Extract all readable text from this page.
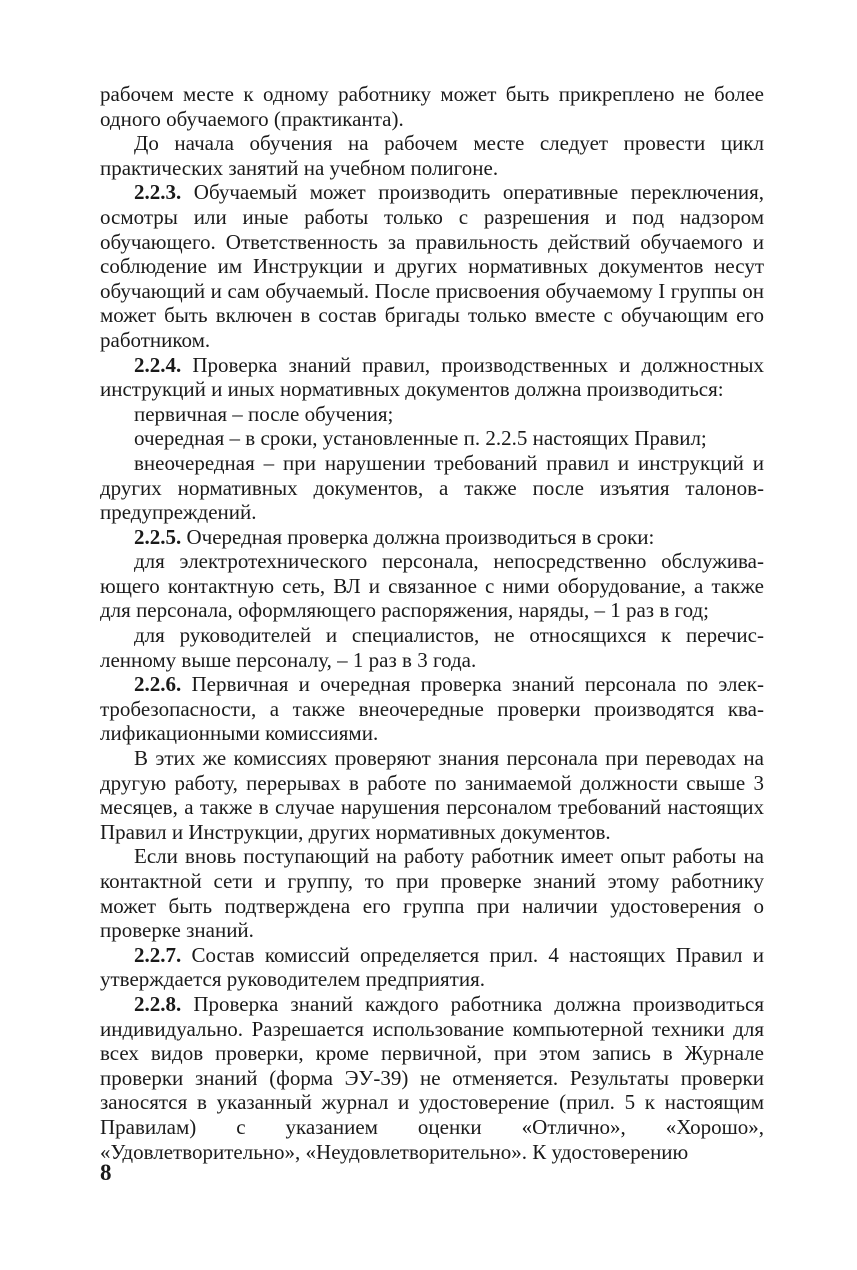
рабочем месте к одному работнику может быть прикреплено не более одного обучаемого (практиканта).

До начала обучения на рабочем месте следует провести цикл практических занятий на учебном полигоне.

2.2.3. Обучаемый может производить оперативные переключения, осмотры или иные работы только с разрешения и под надзором обучающего. Ответственность за правильность действий обучаемого и соблюдение им Инструкции и других нормативных документов несут обучающий и сам обучаемый. После присвоения обучаемому I группы он может быть включен в состав бригады только вместе с обучающим его работником.

2.2.4. Проверка знаний правил, производственных и должностных инструкций и иных нормативных документов должна производиться:

первичная – после обучения;

очередная – в сроки, установленные п. 2.2.5 настоящих Правил;

внеочередная – при нарушении требований правил и инструкций и других нормативных документов, а также после изъятия талонов-предупреждений.

2.2.5. Очередная проверка должна производиться в сроки:

для электротехнического персонала, непосредственно обслуживающего контактную сеть, ВЛ и связанное с ними оборудование, а также для персонала, оформляющего распоряжения, наряды, – 1 раз в год;

для руководителей и специалистов, не относящихся к перечисленному выше персоналу, – 1 раз в 3 года.

2.2.6. Первичная и очередная проверка знаний персонала по электробезопасности, а также внеочередные проверки производятся квалификационными комиссиями.

В этих же комиссиях проверяют знания персонала при переводах на другую работу, перерывах в работе по занимаемой должности свыше 3 месяцев, а также в случае нарушения персоналом требований настоящих Правил и Инструкции, других нормативных документов.

Если вновь поступающий на работу работник имеет опыт работы на контактной сети и группу, то при проверке знаний этому работнику может быть подтверждена его группа при наличии удостоверения о проверке знаний.

2.2.7. Состав комиссий определяется прил. 4 настоящих Правил и утверждается руководителем предприятия.

2.2.8. Проверка знаний каждого работника должна производиться индивидуально. Разрешается использование компьютерной техники для всех видов проверки, кроме первичной, при этом запись в Журнале проверки знаний (форма ЭУ-39) не отменяется. Результаты проверки заносятся в указанный журнал и удостоверение (прил. 5 к настоящим Правилам) с указанием оценки «Отлично», «Хорошо», «Удовлетворительно», «Неудовлетворительно». К удостоверению

8
